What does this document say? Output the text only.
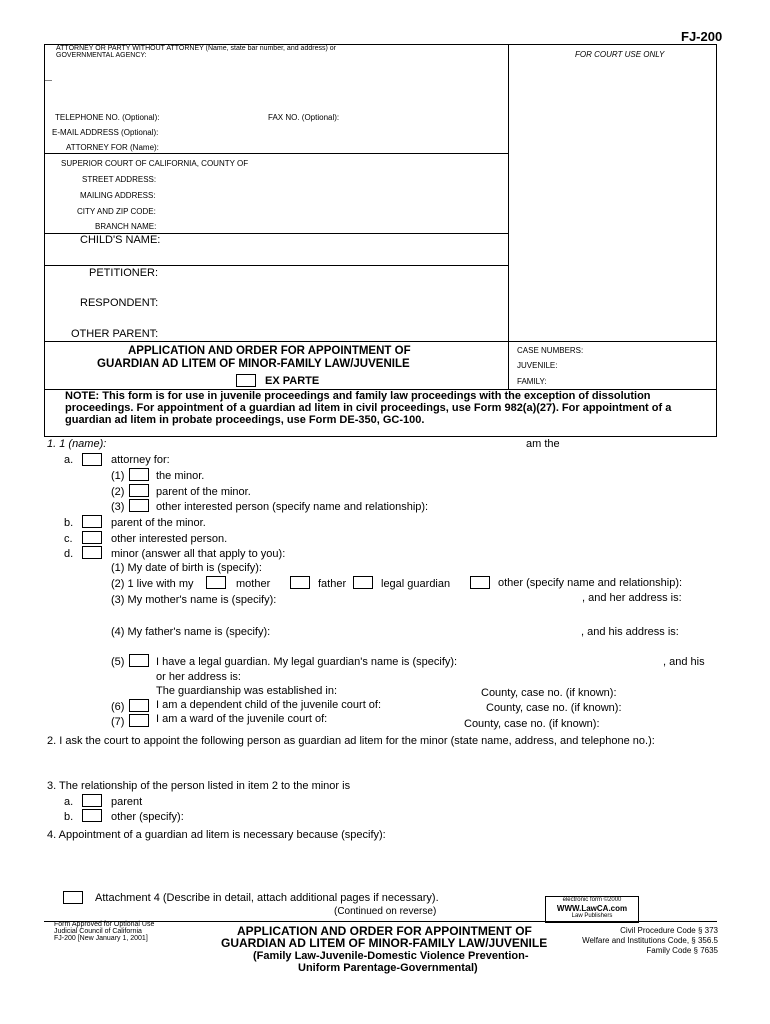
FJ-200
ATTORNEY OR PARTY WITHOUT ATTORNEY (Name, state bar number, and address) or GOVERNMENTAL AGENCY:	FOR COURT USE ONLY
—
TELEPHONE NO. (Optional):	FAX NO. (Optional):
E-MAIL ADDRESS (Optional):
ATTORNEY FOR (Name):
SUPERIOR COURT OF CALIFORNIA, COUNTY OF
STREET ADDRESS:
MAILING ADDRESS:
CITY AND ZIP CODE:
BRANCH NAME:
CHILD'S NAME:
PETITIONER:
RESPONDENT:
OTHER PARENT:
APPLICATION AND ORDER FOR APPOINTMENT OF
GUARDIAN AD LITEM OF MINOR-FAMILY LAW/JUVENILE
EX PARTE
CASE NUMBERS:
JUVENILE:
FAMILY:
NOTE: This form is for use in juvenile proceedings and family law proceedings with the exception of dissolution
proceedings. For appointment of a guardian ad litem in civil proceedings, use Form 982(a)(27). For appointment of a
guardian ad litem in probate proceedings, use Form DE-350, GC-100.
1. 1 (name):	am the
a.	attorney for:
(1)	the minor.
(2)	parent of the minor.
(3)	other interested person (specify name and relationship):
b.	parent of the minor.
c.	other interested person.
d.	minor (answer all that apply to you):
(1) My date of birth is (specify):
(2) 1 live with my	mother	father	legal guardian	other (specify name and relationship):
, and her address is:
(3) My mother's name is (specify):
(4) My father's name is (specify):	, and his address is:
(5)	I have a legal guardian. My legal guardian's name is (specify):	, and his
or her address is:
The guardianship was established in:	County, case no. (if known):
(6)	I am a dependent child of the juvenile court of:	County, case no. (if known):
(7)	I am a ward of the juvenile court of:	County, case no. (if known):
2. I ask the court to appoint the following person as guardian ad litem for the minor (state name, address, and telephone no.):
3. The relationship of the person listed in item 2 to the minor is
a.	parent
b.	other (specify):
4. Appointment of a guardian ad litem is necessary because (specify):
Attachment 4 (Describe in detail, attach additional pages if necessary).
(Continued on reverse)
electronic form ©2000
WWW.LawCA.com
Law Publishers
Form Approved for Optional Use
Judicial Council of California
FJ-200 [New January 1, 2001]
APPLICATION AND ORDER FOR APPOINTMENT OF
GUARDIAN AD LITEM OF MINOR-FAMILY LAW/JUVENILE
(Family Law-Juvenile-Domestic Violence Prevention-
Uniform Parentage-Governmental)
Civil Procedure Code § 373
Welfare and Institutions Code, § 356.5
Family Code § 7635
